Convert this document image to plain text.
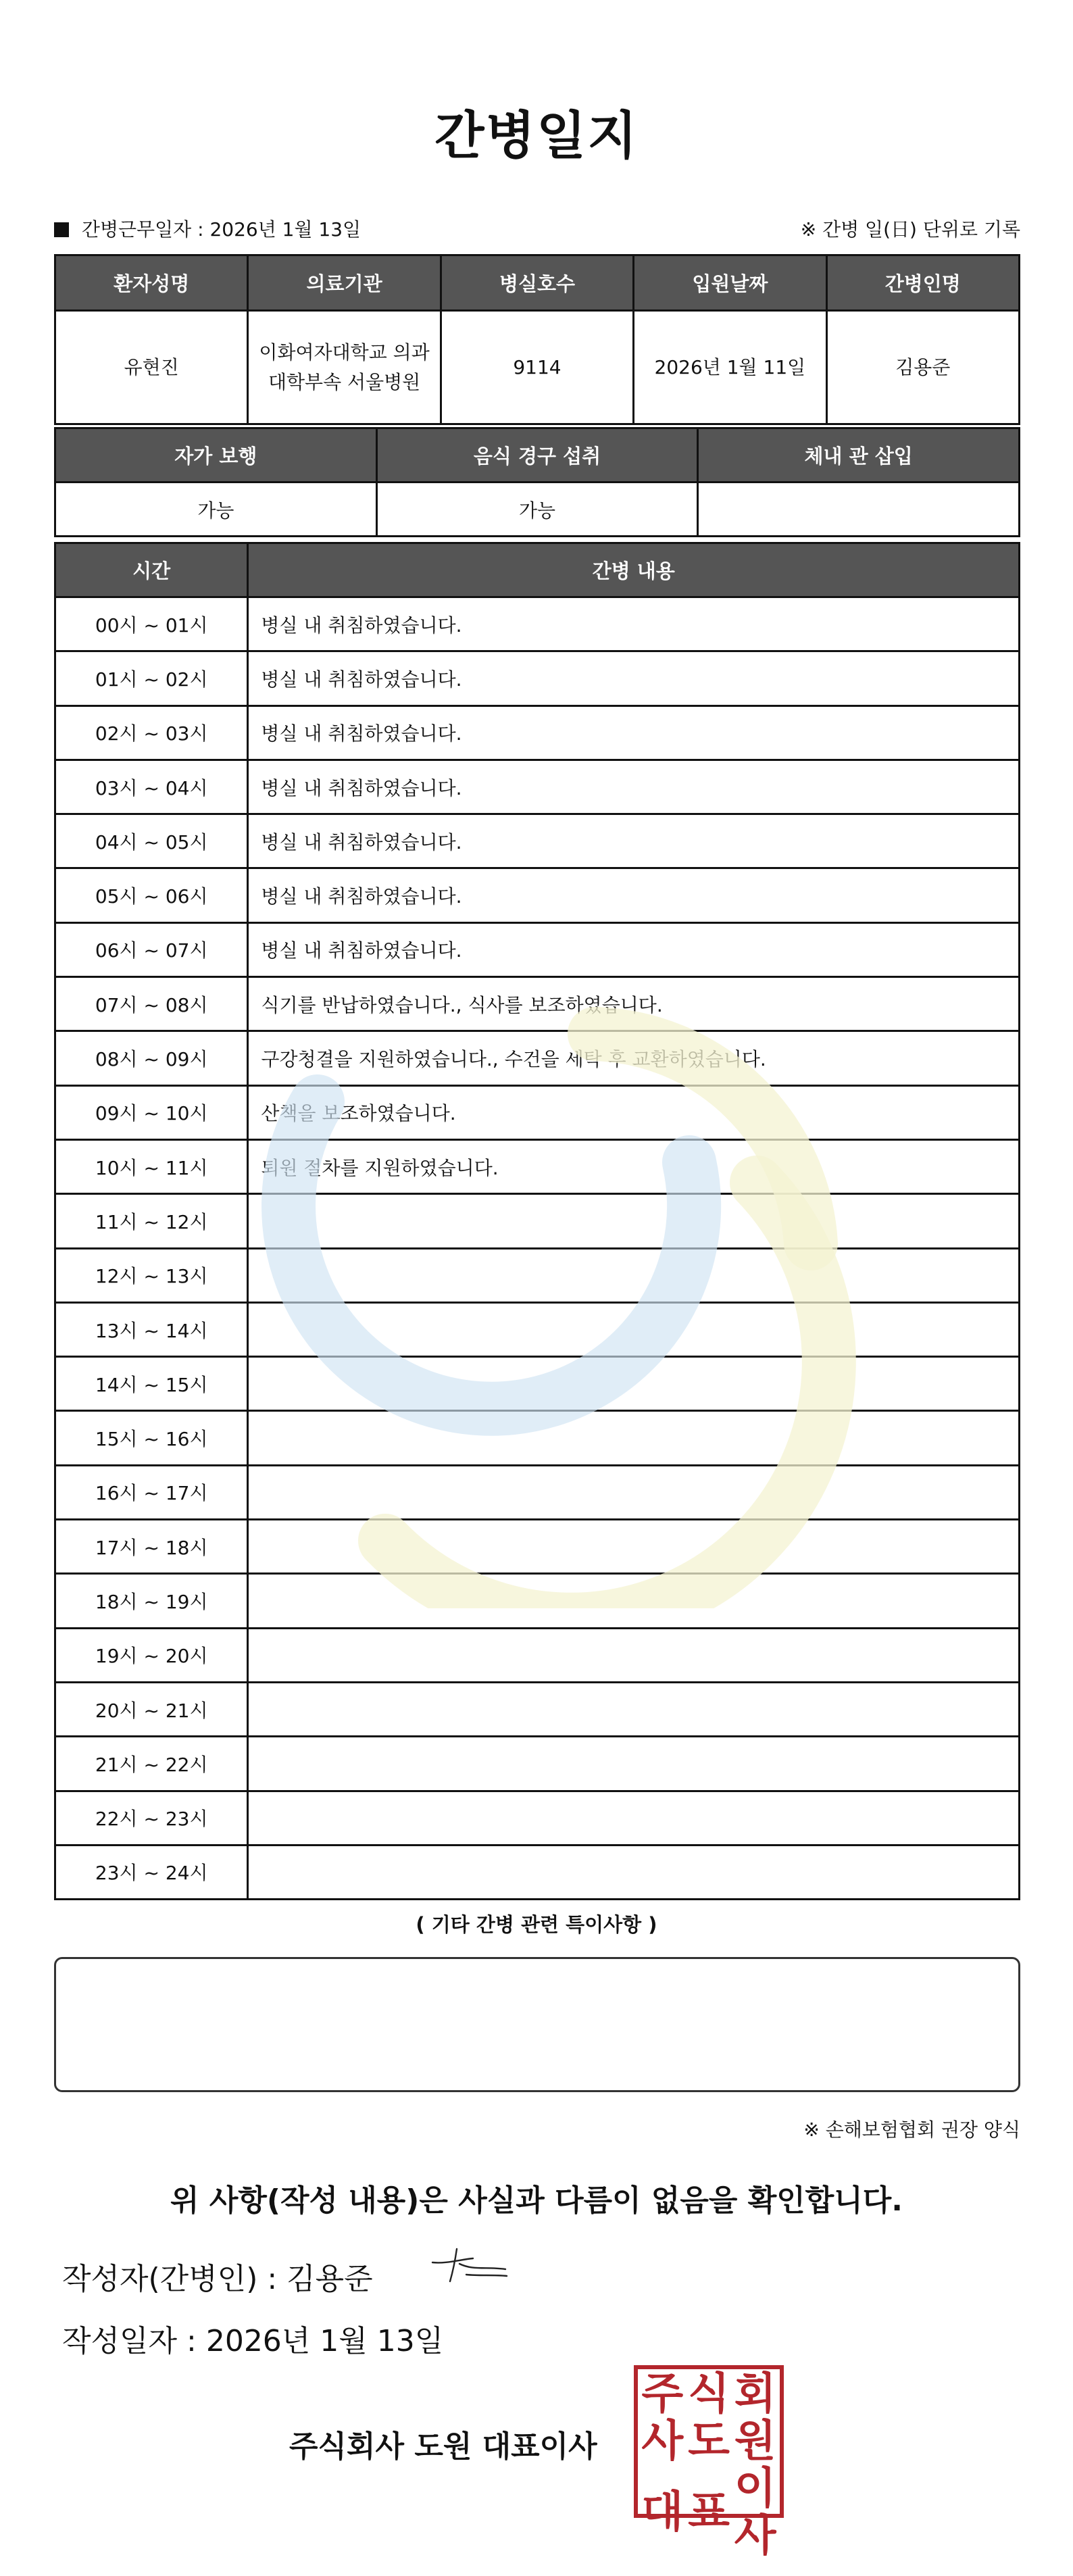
간병일지
간병근무일자 : 2026년 1월 13일	※ 간병 일(日) 단위로 기록
환자성명	의료기관	병실호수	입원날짜	간병인명
유현진	이화여자대학교 의과대학부속 서울병원	9114	2026년 1월 11일	김용준
자가 보행	음식 경구 섭취	체내 관 삽입
가능	가능	
시간	간병 내용
00시 ~ 01시	병실 내 취침하였습니다.
01시 ~ 02시	병실 내 취침하였습니다.
02시 ~ 03시	병실 내 취침하였습니다.
03시 ~ 04시	병실 내 취침하였습니다.
04시 ~ 05시	병실 내 취침하였습니다.
05시 ~ 06시	병실 내 취침하였습니다.
06시 ~ 07시	병실 내 취침하였습니다.
07시 ~ 08시	식기를 반납하였습니다., 식사를 보조하였습니다.
08시 ~ 09시	구강청결을 지원하였습니다., 수건을 세탁 후 교환하였습니다.
09시 ~ 10시	산책을 보조하였습니다.
10시 ~ 11시	퇴원 절차를 지원하였습니다.
11시 ~ 12시	
12시 ~ 13시	
13시 ~ 14시	
14시 ~ 15시	
15시 ~ 16시	
16시 ~ 17시	
17시 ~ 18시	
18시 ~ 19시	
19시 ~ 20시	
20시 ~ 21시	
21시 ~ 22시	
22시 ~ 23시	
23시 ~ 24시	
( 기타 간병 관련 특이사항 )
※ 손해보험협회 권장 양식
위 사항(작성 내용)은 사실과 다름이 없음을 확인합니다.
작성자(간병인) : 김용준
작성일자 : 2026년 1월 13일
주식회사 도원 대표이사
주 식 회
사 도 원
대 표 이사
